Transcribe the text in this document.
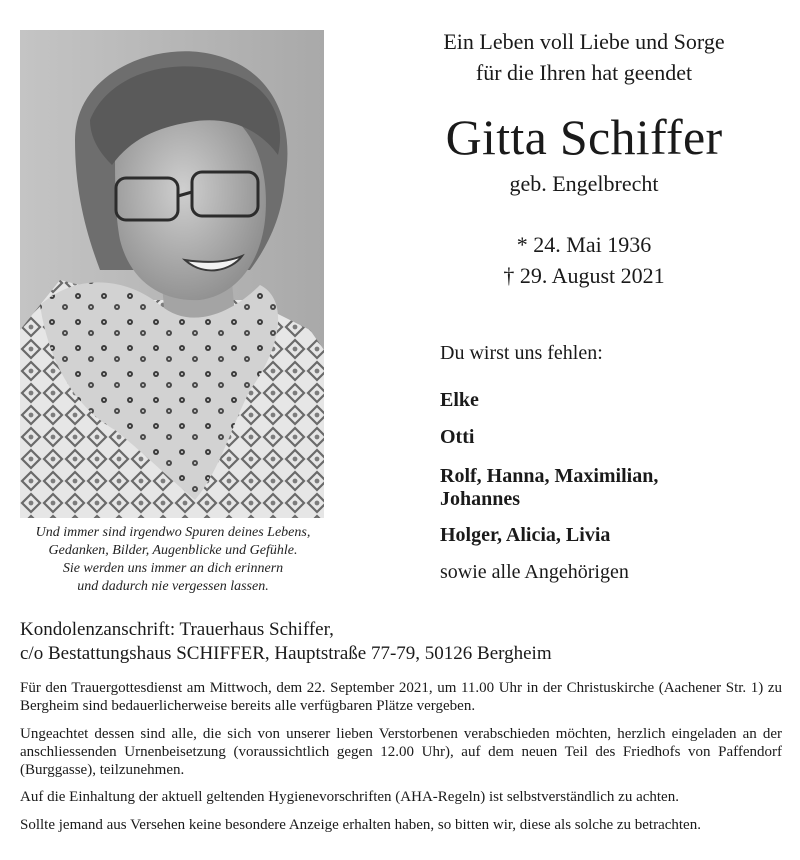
Und immer sind irgendwo Spuren deines Lebens,
Gedanken, Bilder, Augenblicke und Gefühle.
Sie werden uns immer an dich erinnern
und dadurch nie vergessen lassen.
Ein Leben voll Liebe und Sorge
für die Ihren hat geendet
Gitta Schiffer
geb. Engelbrecht
* 24. Mai 1936
† 29. August 2021
Du wirst uns fehlen:
Elke
Otti
Rolf, Hanna, Maximilian,
Johannes
Holger, Alicia, Livia
sowie alle Angehörigen
Kondolenzanschrift: Trauerhaus Schiffer,
c/o Bestattungshaus SCHIFFER, Hauptstraße 77-79, 50126 Bergheim

Für den Trauergottesdienst am Mittwoch, dem 22. September 2021, um 11.00 Uhr in der Christuskirche (Aachener Str. 1) zu Bergheim sind bedauerlicherweise bereits alle verfügbaren Plätze vergeben.

Ungeachtet dessen sind alle, die sich von unserer lieben Verstorbenen verabschieden möchten, herzlich eingeladen an der anschliessenden Urnenbeisetzung (voraussichtlich gegen 12.00 Uhr), auf dem neuen Teil des Friedhofs von Paffendorf (Burggasse), teilzunehmen.

Auf die Einhaltung der aktuell geltenden Hygienevorschriften (AHA-Regeln) ist selbstverständlich zu achten.

Sollte jemand aus Versehen keine besondere Anzeige erhalten haben, so bitten wir, diese als solche zu betrachten.
